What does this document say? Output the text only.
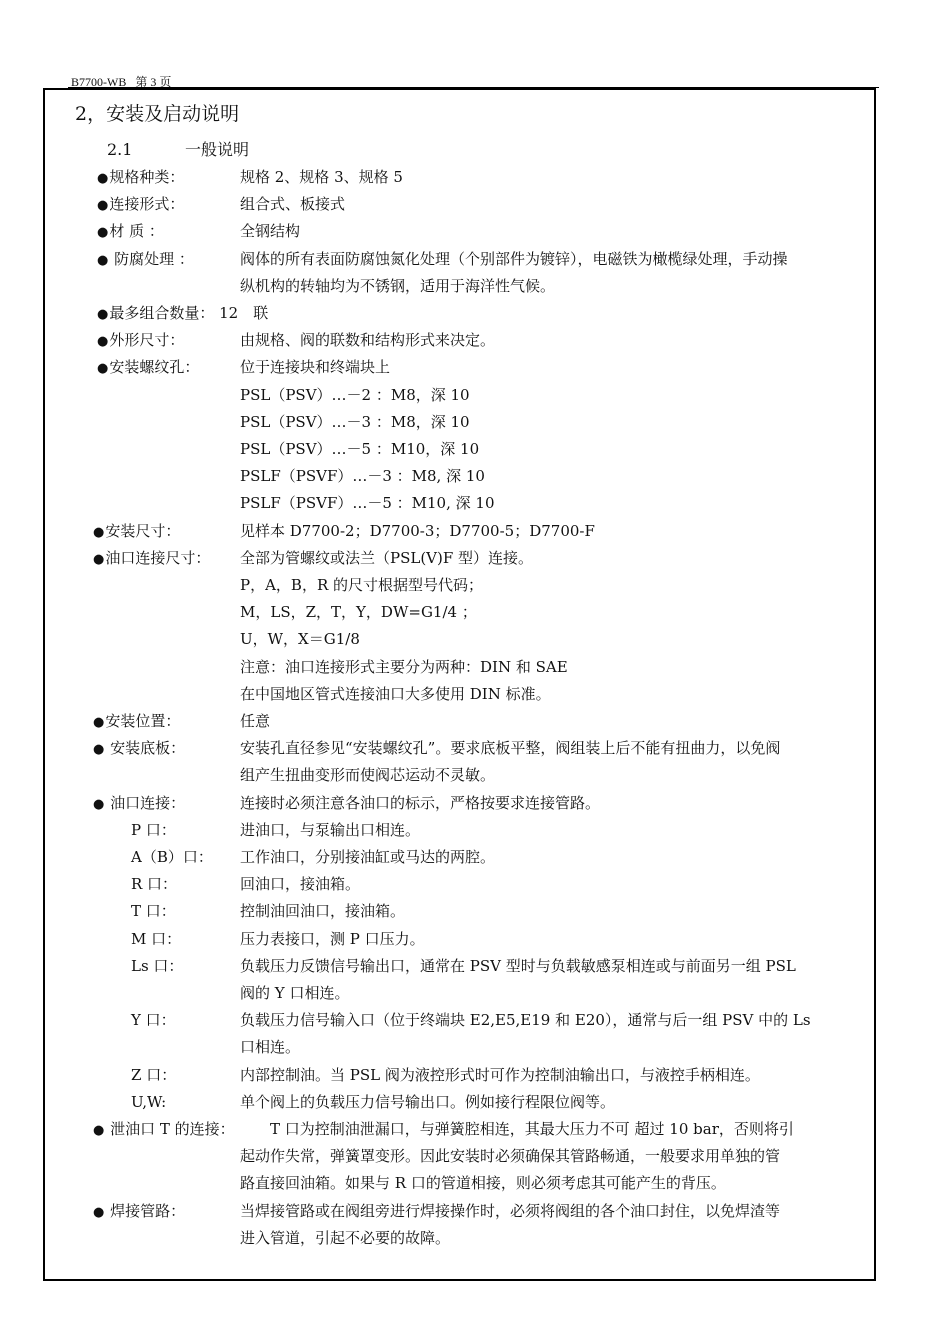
B7700-WB 第 3 页
2，安装及启动说明
2.1	一般说明
●规格种类：	规格 2、规格 3、规格 5
●连接形式：	组合式、板接式
●材 质 ：	全钢结构
● 防腐处理 ：	阀体的所有表面防腐蚀氮化处理（个别部件为镀锌），电磁铁为橄榄绿处理，手动操
纵机构的转轴均为不锈钢，适用于海洋性气候。
●最多组合数量： 12　联
●外形尺寸：	由规格、阀的联数和结构形式来决定。
●安装螺纹孔：	位于连接块和终端块上
PSL（PSV）…－2 ：M8，深 10
PSL（PSV）…－3 ：M8，深 10
PSL（PSV）…－5 ：M10，深 10
PSLF（PSVF）…－3 ：M8, 深 10
PSLF（PSVF）…－5 ：M10, 深 10
●安装尺寸：	见样本 D7700-2；D7700-3；D7700-5；D7700-F
●油口连接尺寸： 全部为管螺纹或法兰（PSL(V)F 型）连接。
P，A，B，R 的尺寸根据型号代码；
M，LS，Z，T，Y，DW=G1/4 ；
U，W，X＝G1/8
注意：油口连接形式主要分为两种：DIN 和 SAE
在中国地区管式连接油口大多使用 DIN 标准。
●安装位置：	任意
● 安装底板：	安装孔直径参见“安装螺纹孔”。要求底板平整，阀组装上后不能有扭曲力，以免阀
组产生扭曲变形而使阀芯运动不灵敏。
● 油口连接：	连接时必须注意各油口的标示，严格按要求连接管路。
P 口：	进油口，与泵输出口相连。
A（B）口： 工作油口，分别接油缸或马达的两腔。
R 口：	回油口，接油箱。
T 口：	控制油回油口，接油箱。
M 口：	压力表接口，测 P 口压力。
Ls 口：	负载压力反馈信号输出口，通常在 PSV 型时与负载敏感泵相连或与前面另一组 PSL
阀的 Y 口相连。
Y 口：	负载压力信号输入口（位于终端块 E2,E5,E19 和 E20），通常与后一组 PSV 中的 Ls
口相连。
Z 口：	内部控制油。当 PSL 阀为液控形式时可作为控制油输出口，与液控手柄相连。
U,W:	单个阀上的负载压力信号输出口。例如接行程限位阀等。
● 泄油口 T 的连接： 　　T 口为控制油泄漏口，与弹簧腔相连，其最大压力不可 超过 10 bar，否则将引
起动作失常，弹簧罩变形。因此安装时必须确保其管路畅通，一般要求用单独的管
路直接回油箱。如果与 R 口的管道相接，则必须考虑其可能产生的背压。
● 焊接管路：	当焊接管路或在阀组旁进行焊接操作时，必须将阀组的各个油口封住，以免焊渣等
进入管道，引起不必要的故障。
